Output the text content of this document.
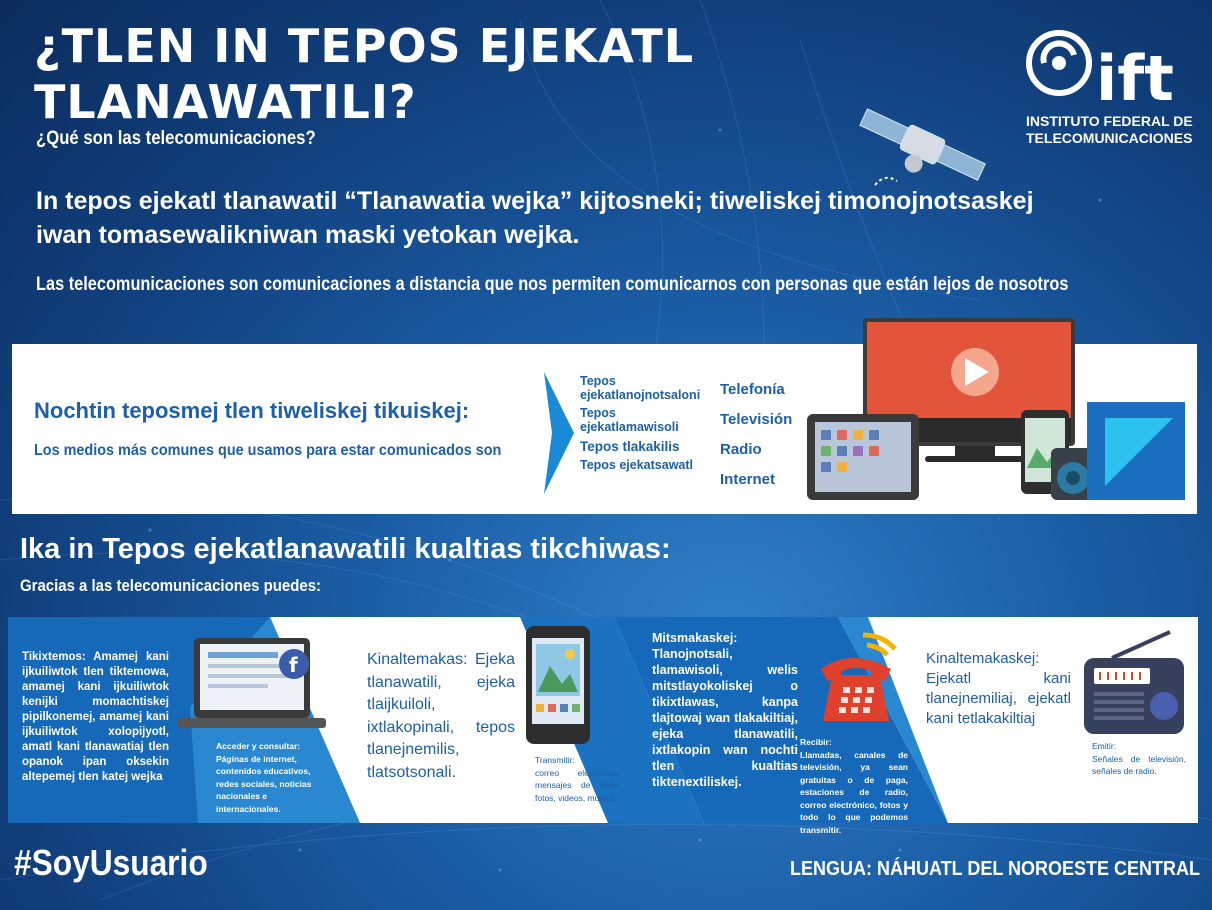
¿TLEN IN TEPOS EJEKATL TLANAWATILI?
¿Qué son las telecomunicaciones?
ift
INSTITUTO FEDERAL DE
TELECOMUNICACIONES
In tepos ejekatl tlanawatil “Tlanawatia wejka” kijtosneki; tiweliskej timonojnotsaskej iwan tomasewalikniwan maski yetokan wejka.
Las telecomunicaciones son comunicaciones a distancia que nos permiten comunicarnos con personas que están lejos de nosotros
Nochtin teposmej tlen tiweliskej tikuiskej:
Los medios más comunes que usamos para estar comunicados son
Tepos ejekatlanojnotsaloni
Tepos ejekatlamawisoli
Tepos tlakakilis
Tepos ejekatsawatl
Telefonía
Televisión
Radio
Internet
Ika in Tepos ejekatlanawatili kualtias tikchiwas:
Gracias a las telecomunicaciones puedes:
f
Tikixtemos: Amamej kani ijkuiliwtok tlen tiktemowa, amamej kani ijkuiliwtok kenijki momachtiskej pipilkonemej, amamej kani ijkuiliwtok xolopijyotl, amatl kani tlanawatiaj tlen opanok ipan oksekin altepemej tlen katej wejka
Acceder y consultar:
Páginas de internet, contenidos educativos, redes sociales, noticias nacionales e internacionales.
Kinaltemakas: Ejeka tlanawatili, ejeka tlaijkuiloli, ixtlakopinali, tepos tlanejnemilis, tlatsotsonali.
Transmitir:
correo electrónico, mensajes de texto, fotos, videos, música.
Mitsmakaskej: Tlanojnotsali, tlamawisoli, welis mitstlayokoliskej o tikixtlawas, kanpa tlajtowaj wan tlakakiltiaj, ejeka tlanawatili, ixtlakopin wan nochti tlen kualtias tiktenextiliskej.
Recibir:
Llamadas, canales de televisión, ya sean gratuitas o de paga, estaciones de radio, correo electrónico, fotos y todo lo que podemos transmitir.
Kinaltemakaskej: Ejekatl kani tlanejnemiliaj, ejekatl kani tetlakakiltiaj
Emitir:
Señales de televisión, señales de radio.
#SoyUsuario	LENGUA: NÁHUATL DEL NOROESTE CENTRAL
